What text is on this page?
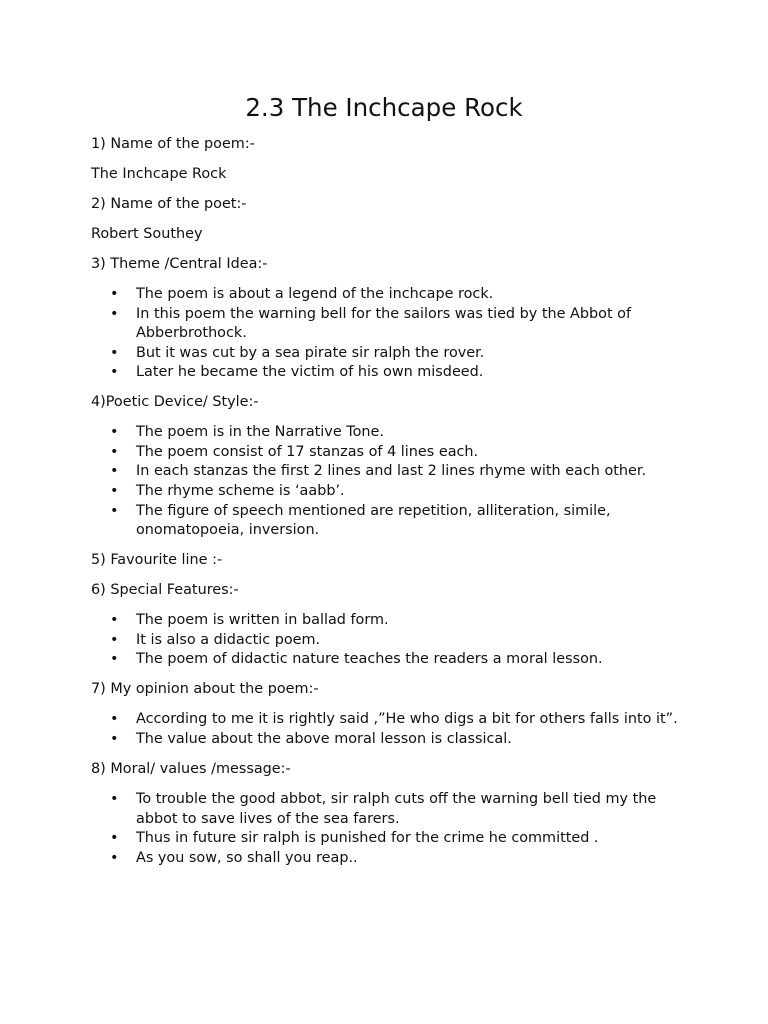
2.3 The Inchcape Rock

1) Name of the poem:-

The Inchcape Rock

2) Name of the poet:-

Robert Southey

3) Theme /Central Idea:-

• The poem is about a legend of the inchcape rock.
• In this poem the warning bell for the sailors was tied by the Abbot of Abberbrothock.
• But it was cut by a sea pirate sir ralph the rover.
• Later he became the victim of his own misdeed.

4)Poetic Device/ Style:-

• The poem is in the Narrative Tone.
• The poem consist of 17 stanzas of 4 lines each.
• In each stanzas the first 2 lines and last 2 lines rhyme with each other.
• The rhyme scheme is ‘aabb’.
• The figure of speech mentioned are repetition, alliteration, simile, onomatopoeia, inversion.

5) Favourite line :-

6) Special Features:-

• The poem is written in ballad form.
• It is also a didactic poem.
• The poem of didactic nature teaches the readers a moral lesson.

7) My opinion about the poem:-

• According to me it is rightly said ,”He who digs a bit for others falls into it”.
• The value about the above moral lesson is classical.

8) Moral/ values /message:-

• To trouble the good abbot, sir ralph cuts off the warning bell tied my the abbot to save lives of the sea farers.
• Thus in future sir ralph is punished for the crime he committed .
• As you sow, so shall you reap..
